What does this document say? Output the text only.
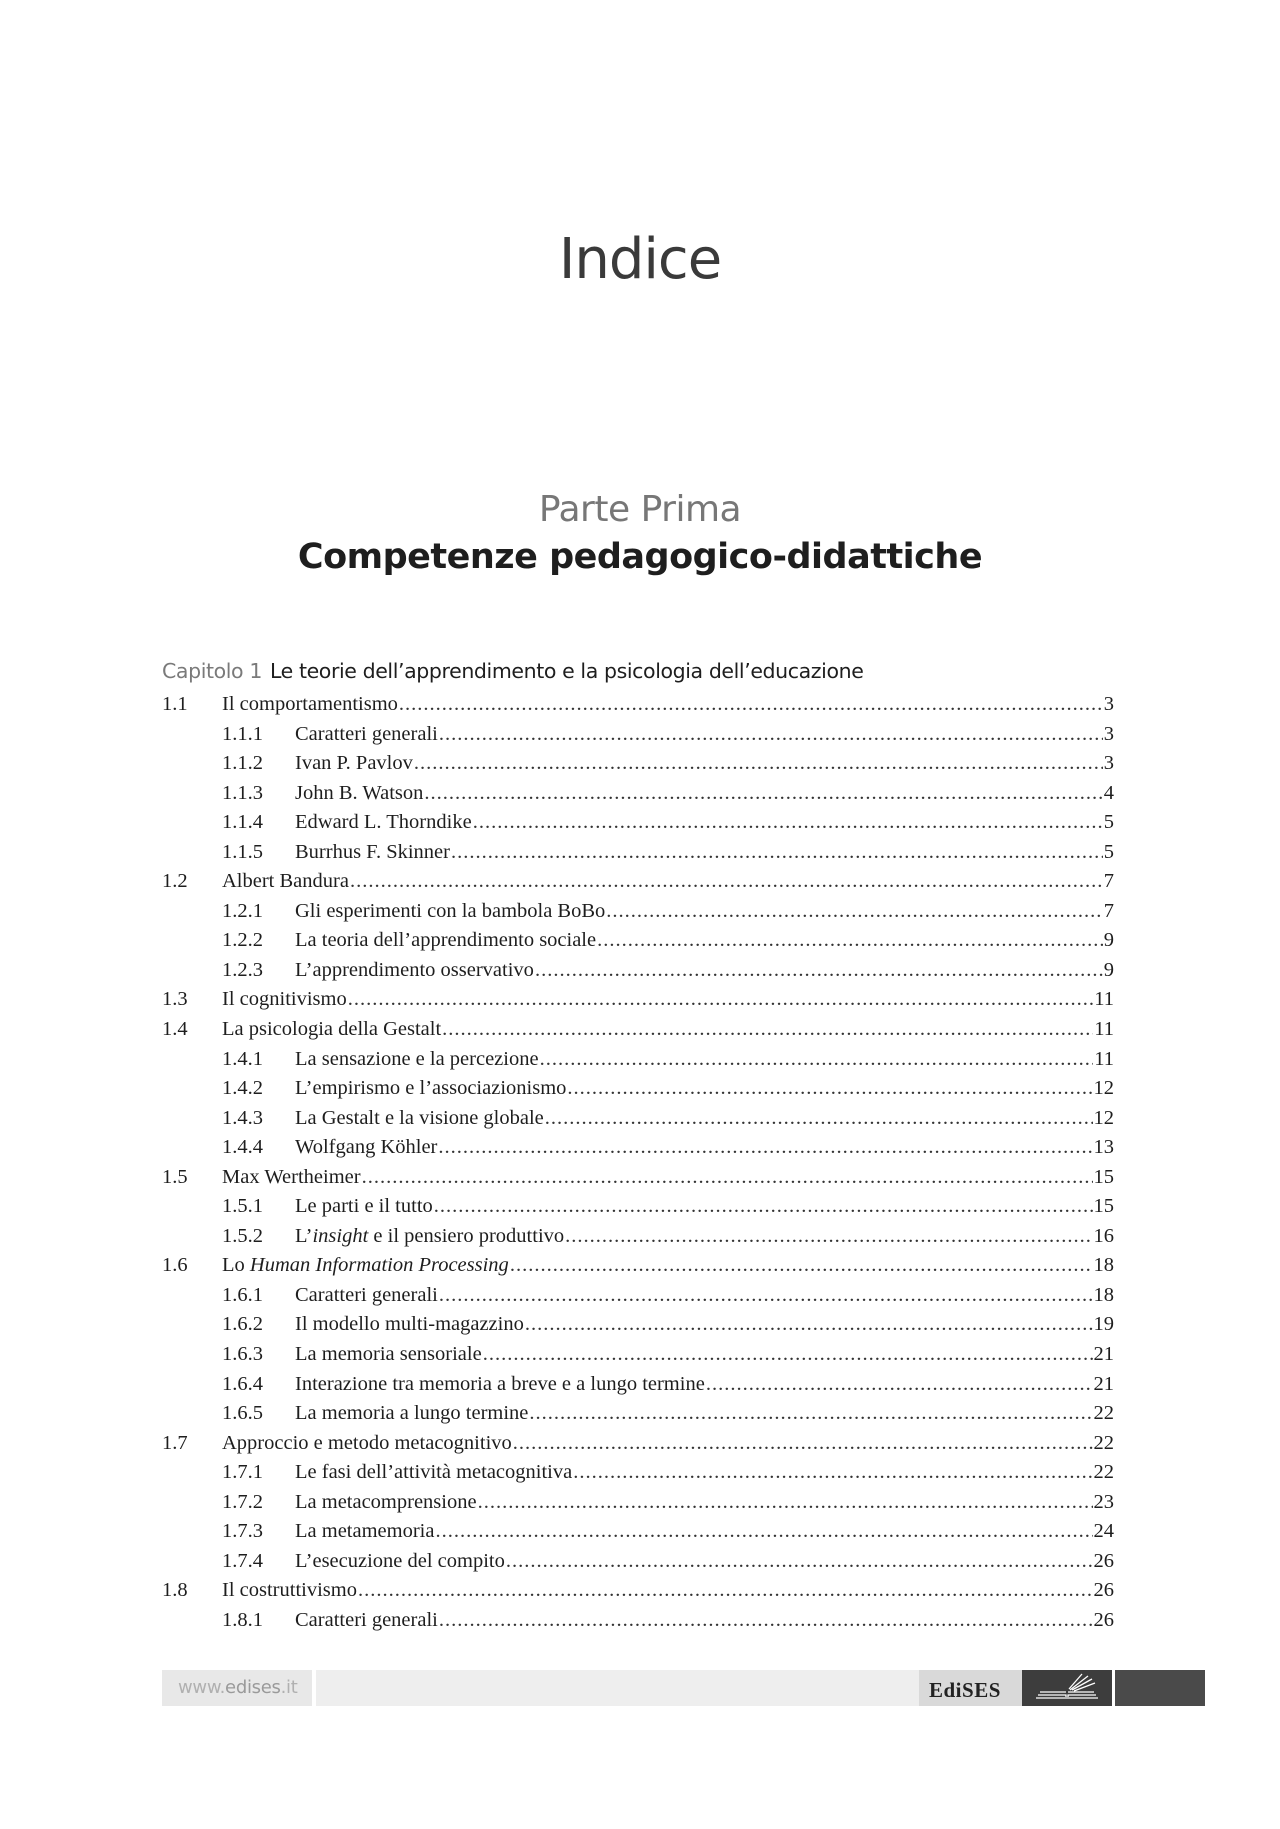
Indice
Parte Prima
Competenze pedagogico-didattiche
Capitolo 1 Le teorie dell’apprendimento e la psicologia dell’educazione
1.1	Il comportamentismo .....	3
1.1.1	Caratteri generali .....	3
1.1.2	Ivan P. Pavlov .....	3
1.1.3	John B. Watson .....	4
1.1.4	Edward L. Thorndike .....	5
1.1.5	Burrhus F. Skinner .....	5
1.2	Albert Bandura .....	7
1.2.1	Gli esperimenti con la bambola BoBo .....	7
1.2.2	La teoria dell’apprendimento sociale .....	9
1.2.3	L’apprendimento osservativo .....	9
1.3	Il cognitivismo .....	11
1.4	La psicologia della Gestalt .....	11
1.4.1	La sensazione e la percezione .....	11
1.4.2	L’empirismo e l’associazionismo .....	12
1.4.3	La Gestalt e la visione globale .....	12
1.4.4	Wolfgang Köhler .....	13
1.5	Max Wertheimer .....	15
1.5.1	Le parti e il tutto .....	15
1.5.2	L’insight e il pensiero produttivo .....	16
1.6	Lo Human Information Processing .....	18
1.6.1	Caratteri generali .....	18
1.6.2	Il modello multi-magazzino .....	19
1.6.3	La memoria sensoriale .....	21
1.6.4	Interazione tra memoria a breve e a lungo termine .....	21
1.6.5	La memoria a lungo termine .....	22
1.7	Approccio e metodo metacognitivo .....	22
1.7.1	Le fasi dell’attività metacognitiva .....	22
1.7.2	La metacomprensione .....	23
1.7.3	La metamemoria .....	24
1.7.4	L’esecuzione del compito .....	26
1.8	Il costruttivismo .....	26
1.8.1	Caratteri generali .....	26
www.edises.it	EdiSES
